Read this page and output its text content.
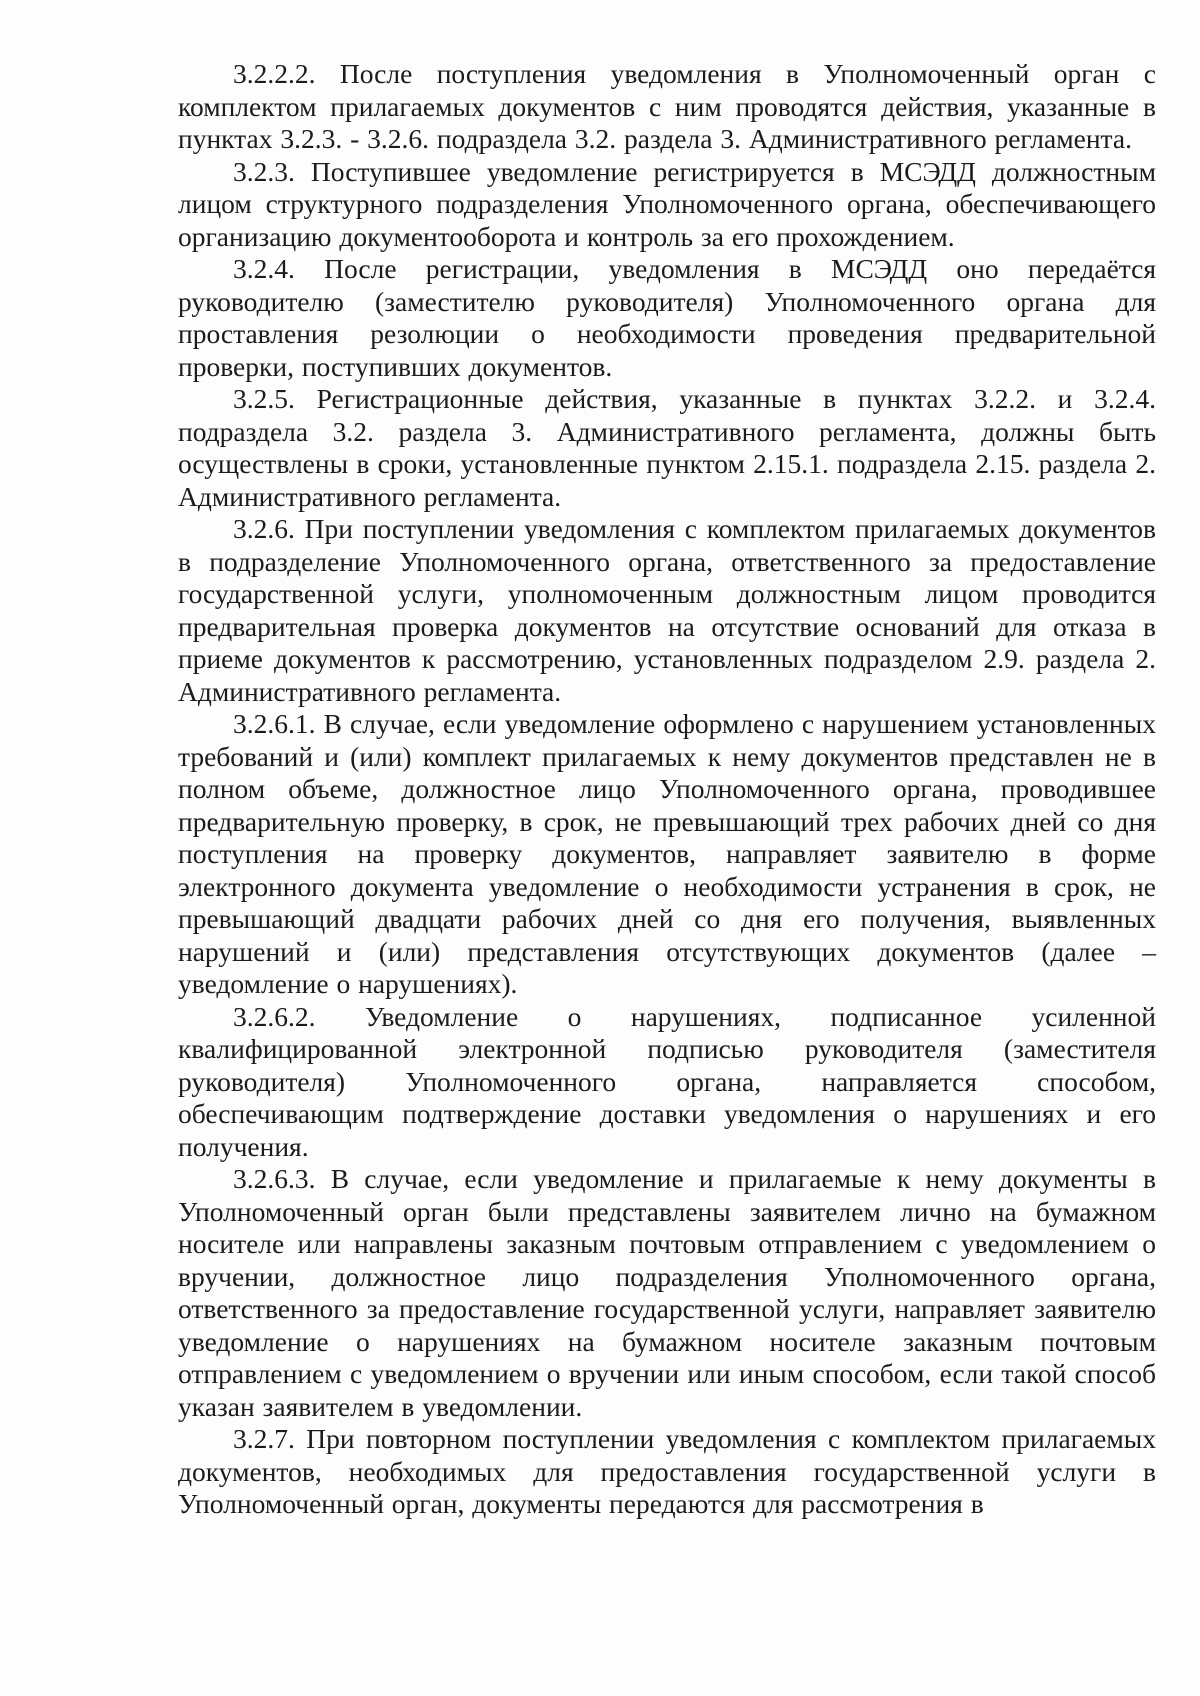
3.2.2.2. После поступления уведомления в Уполномоченный орган с комплектом прилагаемых документов с ним проводятся действия, указанные в пунктах 3.2.3. - 3.2.6. подраздела 3.2. раздела 3. Административного регламента.

3.2.3. Поступившее уведомление регистрируется в МСЭДД должностным лицом структурного подразделения Уполномоченного органа, обеспечивающего организацию документооборота и контроль за его прохождением.

3.2.4. После регистрации, уведомления в МСЭДД оно передаётся руководителю (заместителю руководителя) Уполномоченного органа для проставления резолюции о необходимости проведения предварительной проверки, поступивших документов.

3.2.5. Регистрационные действия, указанные в пунктах 3.2.2. и 3.2.4. подраздела 3.2. раздела 3. Административного регламента, должны быть осуществлены в сроки, установленные пунктом 2.15.1. подраздела 2.15. раздела 2. Административного регламента.

3.2.6. При поступлении уведомления с комплектом прилагаемых документов в подразделение Уполномоченного органа, ответственного за предоставление государственной услуги, уполномоченным должностным лицом проводится предварительная проверка документов на отсутствие оснований для отказа в приеме документов к рассмотрению, установленных подразделом 2.9. раздела 2. Административного регламента.

3.2.6.1. В случае, если уведомление оформлено с нарушением установленных требований и (или) комплект прилагаемых к нему документов представлен не в полном объеме, должностное лицо Уполномоченного органа, проводившее предварительную проверку, в срок, не превышающий трех рабочих дней со дня поступления на проверку документов, направляет заявителю в форме электронного документа уведомление о необходимости устранения в срок, не превышающий двадцати рабочих дней со дня его получения, выявленных нарушений и (или) представления отсутствующих документов (далее – уведомление о нарушениях).

3.2.6.2. Уведомление о нарушениях, подписанное усиленной квалифицированной электронной подписью руководителя (заместителя руководителя) Уполномоченного органа, направляется способом, обеспечивающим подтверждение доставки уведомления о нарушениях и его получения.

3.2.6.3. В случае, если уведомление и прилагаемые к нему документы в Уполномоченный орган были представлены заявителем лично на бумажном носителе или направлены заказным почтовым отправлением с уведомлением о вручении, должностное лицо подразделения Уполномоченного органа, ответственного за предоставление государственной услуги, направляет заявителю уведомление о нарушениях на бумажном носителе заказным почтовым отправлением с уведомлением о вручении или иным способом, если такой способ указан заявителем в уведомлении.

3.2.7. При повторном поступлении уведомления с комплектом прилагаемых документов, необходимых для предоставления государственной услуги в Уполномоченный орган, документы передаются для рассмотрения в
